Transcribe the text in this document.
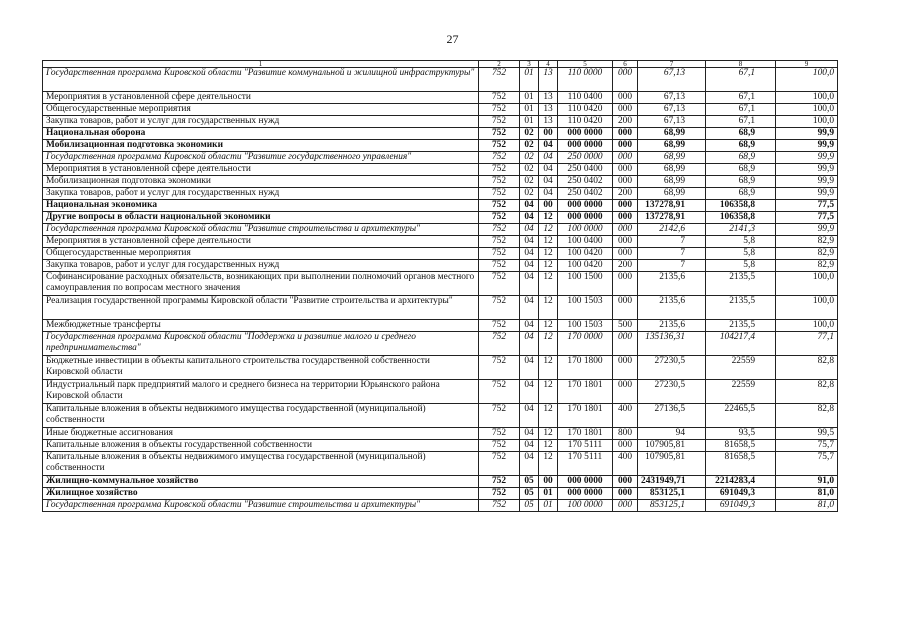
27
1	2	3	4	5	6	7	8	9
Государственная программа Кировской области "Развитие коммунальной и жилищной инфраструктуры"	752	01	13	110 0000	000	67,13	67,1	100,0
Мероприятия в установленной сфере деятельности	752	01	13	110 0400	000	67,13	67,1	100,0
Общегосударственные мероприятия	752	01	13	110 0420	000	67,13	67,1	100,0
Закупка товаров, работ и услуг для государственных нужд	752	01	13	110 0420	200	67,13	67,1	100,0
Национальная оборона	752	02	00	000 0000	000	68,99	68,9	99,9
Мобилизационная подготовка экономики	752	02	04	000 0000	000	68,99	68,9	99,9
Государственная программа Кировской области "Развитие государственного управления"	752	02	04	250 0000	000	68,99	68,9	99,9
Мероприятия в установленной сфере деятельности	752	02	04	250 0400	000	68,99	68,9	99,9
Мобилизационная подготовка экономики	752	02	04	250 0402	000	68,99	68,9	99,9
Закупка товаров, работ и услуг для государственных нужд	752	02	04	250 0402	200	68,99	68,9	99,9
Национальная экономика	752	04	00	000 0000	000	137278,91	106358,8	77,5
Другие вопросы в области национальной экономики	752	04	12	000 0000	000	137278,91	106358,8	77,5
Государственная программа Кировской области "Развитие строительства и архитектуры"	752	04	12	100 0000	000	2142,6	2141,3	99,9
Мероприятия в установленной сфере деятельности	752	04	12	100 0400	000	7	5,8	82,9
Общегосударственные мероприятия	752	04	12	100 0420	000	7	5,8	82,9
Закупка товаров, работ и услуг для государственных нужд	752	04	12	100 0420	200	7	5,8	82,9
Софинансирование расходных обязательств, возникающих при выполнении полномочий органов местного самоуправления по вопросам местного значения	752	04	12	100 1500	000	2135,6	2135,5	100,0
Реализация государственной программы Кировской области "Развитие строительства и архитектуры"	752	04	12	100 1503	000	2135,6	2135,5	100,0
Межбюджетные трансферты	752	04	12	100 1503	500	2135,6	2135,5	100,0
Государственная программа Кировской области "Поддержка и развитие малого и среднего предпринимательства"	752	04	12	170 0000	000	135136,31	104217,4	77,1
Бюджетные инвестиции в объекты капитального строительства государственной собственности Кировской области	752	04	12	170 1800	000	27230,5	22559	82,8
Индустриальный парк предприятий малого и среднего бизнеса на территории Юрьянского района Кировской области	752	04	12	170 1801	000	27230,5	22559	82,8
Капитальные вложения в объекты недвижимого имущества государственной (муниципальной) собственности	752	04	12	170 1801	400	27136,5	22465,5	82,8
Иные бюджетные ассигнования	752	04	12	170 1801	800	94	93,5	99,5
Капитальные вложения в объекты государственной собственности	752	04	12	170 5111	000	107905,81	81658,5	75,7
Капитальные вложения в объекты недвижимого имущества государственной (муниципальной) собственности	752	04	12	170 5111	400	107905,81	81658,5	75,7
Жилищно-коммунальное хозяйство	752	05	00	000 0000	000	2431949,71	2214283,4	91,0
Жилищное хозяйство	752	05	01	000 0000	000	853125,1	691049,3	81,0
Государственная программа Кировской области "Развитие строительства и архитектуры"	752	05	01	100 0000	000	853125,1	691049,3	81,0
